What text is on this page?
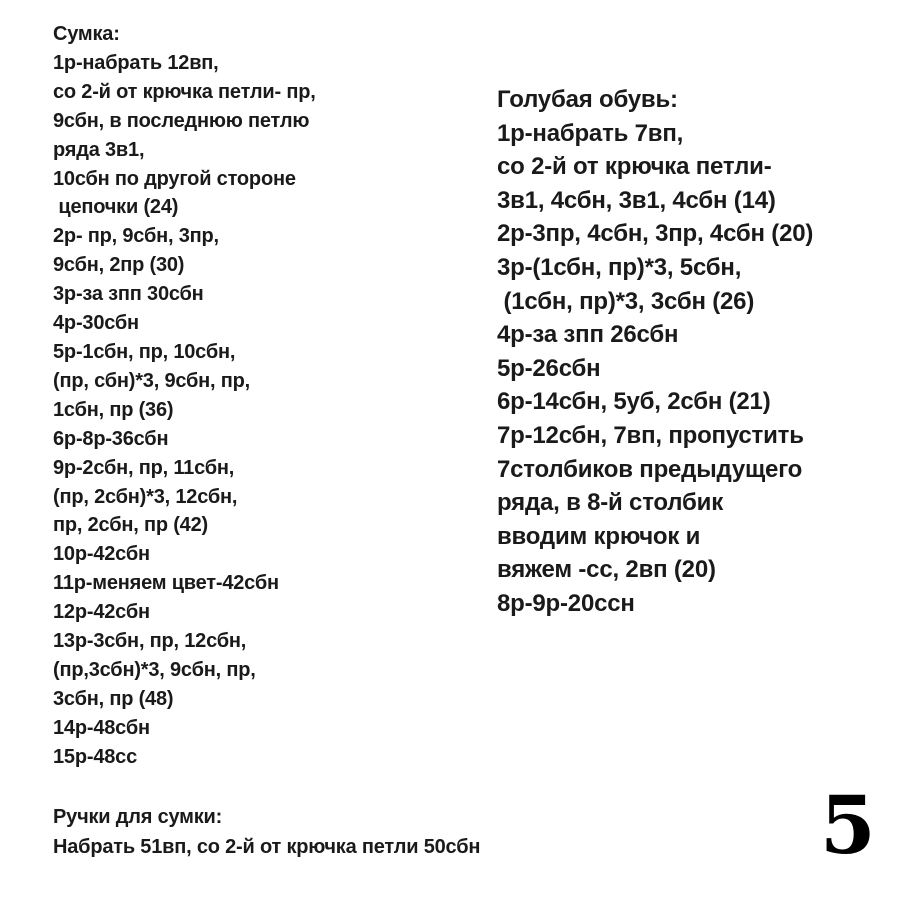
Сумка:
1р-набрать 12вп,
со 2-й от крючка петли- пр,
9сбн, в последнюю петлю
ряда 3в1,
10сбн по другой стороне
цепочки (24)
2р- пр, 9сбн, 3пр,
9сбн, 2пр (30)
3р-за зпп 30сбн
4р-30сбн
5р-1сбн, пр, 10сбн,
(пр, сбн)*3, 9сбн, пр,
1сбн, пр (36)
6р-8р-36сбн
9р-2сбн, пр, 11сбн,
(пр, 2сбн)*3, 12сбн,
пр, 2сбн, пр (42)
10р-42сбн
11р-меняем цвет-42сбн
12р-42сбн
13р-3сбн, пр, 12сбн,
(пр,3сбн)*3, 9сбн, пр,
3сбн, пр (48)
14р-48сбн
15р-48сс
Голубая обувь:
1р-набрать 7вп,
со 2-й от крючка петли-
3в1, 4сбн, 3в1, 4сбн (14)
2р-3пр, 4сбн, 3пр, 4сбн (20)
3р-(1сбн, пр)*3, 5сбн,
(1сбн, пр)*3, 3сбн (26)
4р-за зпп 26сбн
5р-26сбн
6р-14сбн, 5уб, 2сбн (21)
7р-12сбн, 7вп, пропустить
7столбиков предыдущего
ряда, в 8-й столбик
вводим крючок и
вяжем -сс, 2вп (20)
8р-9р-20ссн
Ручки для сумки:
Набрать 51вп, со 2-й от крючка петли 50сбн	5
